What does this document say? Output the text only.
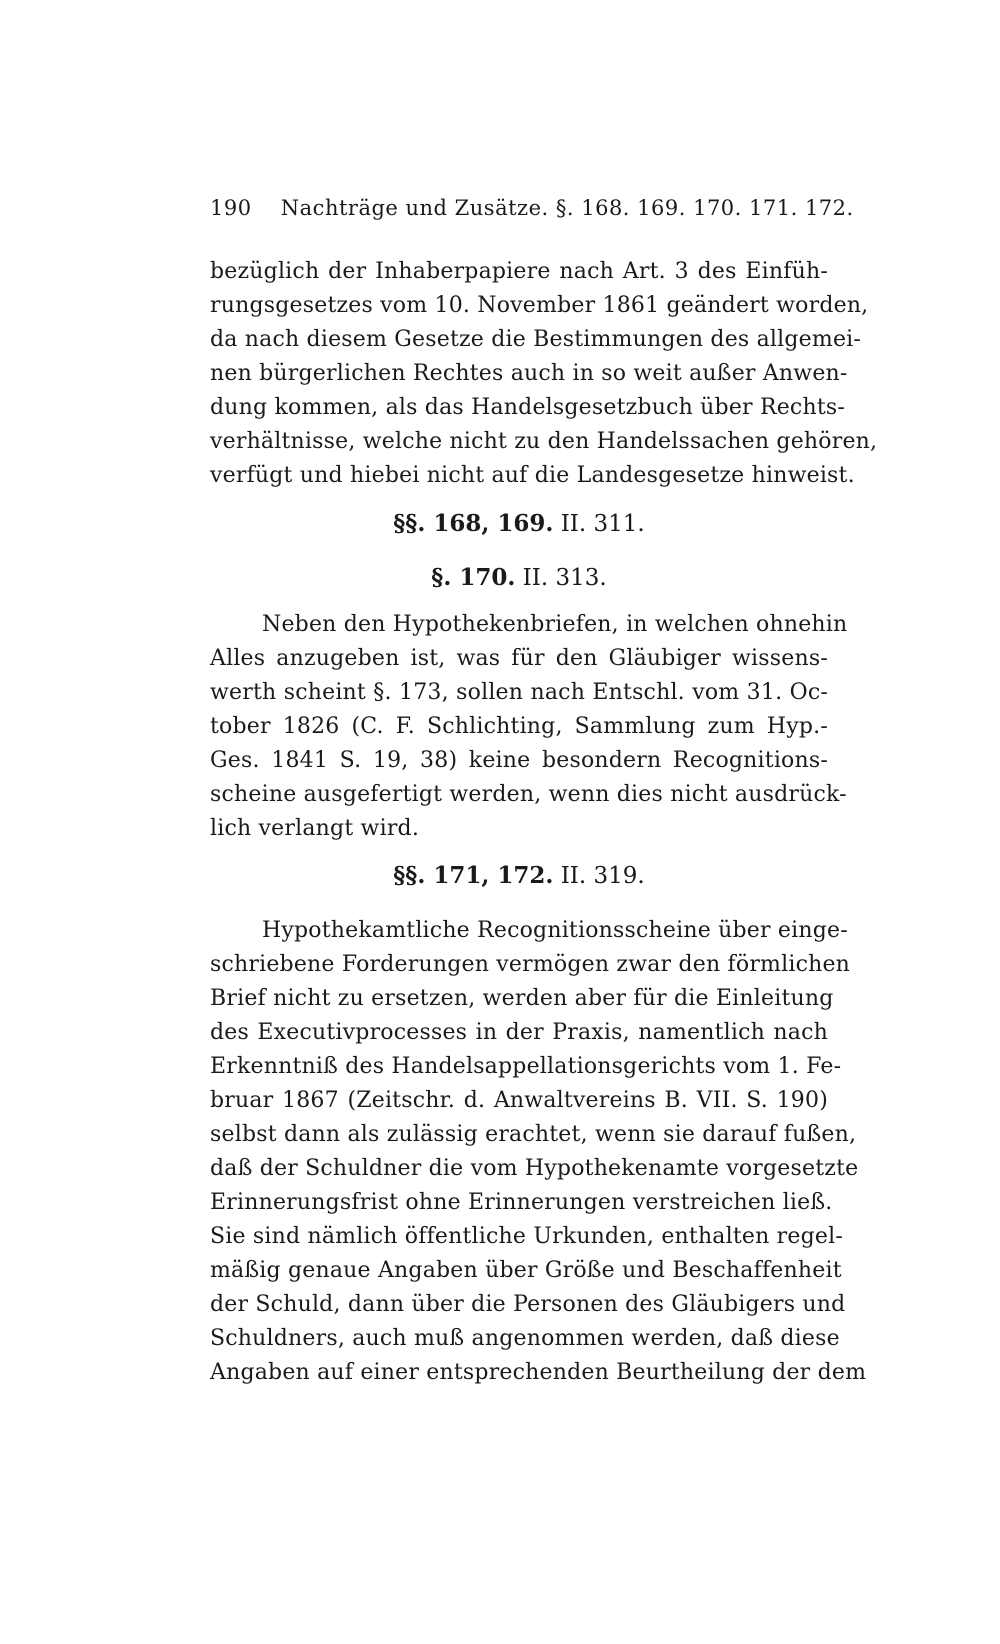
190 Nachträge und Zusätze. §. 168. 169. 170. 171. 172.
bezüglich der Inhaberpapiere nach Art. 3 des Einfüh-
rungsgesetzes vom 10. November 1861 geändert worden,
da nach diesem Gesetze die Bestimmungen des allgemei-
nen bürgerlichen Rechtes auch in so weit außer Anwen-
dung kommen, als das Handelsgesetzbuch über Rechts-
verhältnisse, welche nicht zu den Handelssachen gehören,
verfügt und hiebei nicht auf die Landesgesetze hinweist.
§§. 168, 169. II. 311.
§. 170. II. 313.
Neben den Hypothekenbriefen, in welchen ohnehin
Alles anzugeben ist, was für den Gläubiger wissens-
werth scheint §. 173, sollen nach Entschl. vom 31. Oc-
tober 1826 (C. F. Schlichting, Sammlung zum Hyp.-
Ges. 1841 S. 19, 38) keine besondern Recognitions-
scheine ausgefertigt werden, wenn dies nicht ausdrück-
lich verlangt wird.
§§. 171, 172. II. 319.
Hypothekamtliche Recognitionsscheine über einge-
schriebene Forderungen vermögen zwar den förmlichen
Brief nicht zu ersetzen, werden aber für die Einleitung
des Executivprocesses in der Praxis, namentlich nach
Erkenntniß des Handelsappellationsgerichts vom 1. Fe-
bruar 1867 (Zeitschr. d. Anwaltvereins B. VII. S. 190)
selbst dann als zulässig erachtet, wenn sie darauf fußen,
daß der Schuldner die vom Hypothekenamte vorgesetzte
Erinnerungsfrist ohne Erinnerungen verstreichen ließ.
Sie sind nämlich öffentliche Urkunden, enthalten regel-
mäßig genaue Angaben über Größe und Beschaffenheit
der Schuld, dann über die Personen des Gläubigers und
Schuldners, auch muß angenommen werden, daß diese
Angaben auf einer entsprechenden Beurtheilung der dem
